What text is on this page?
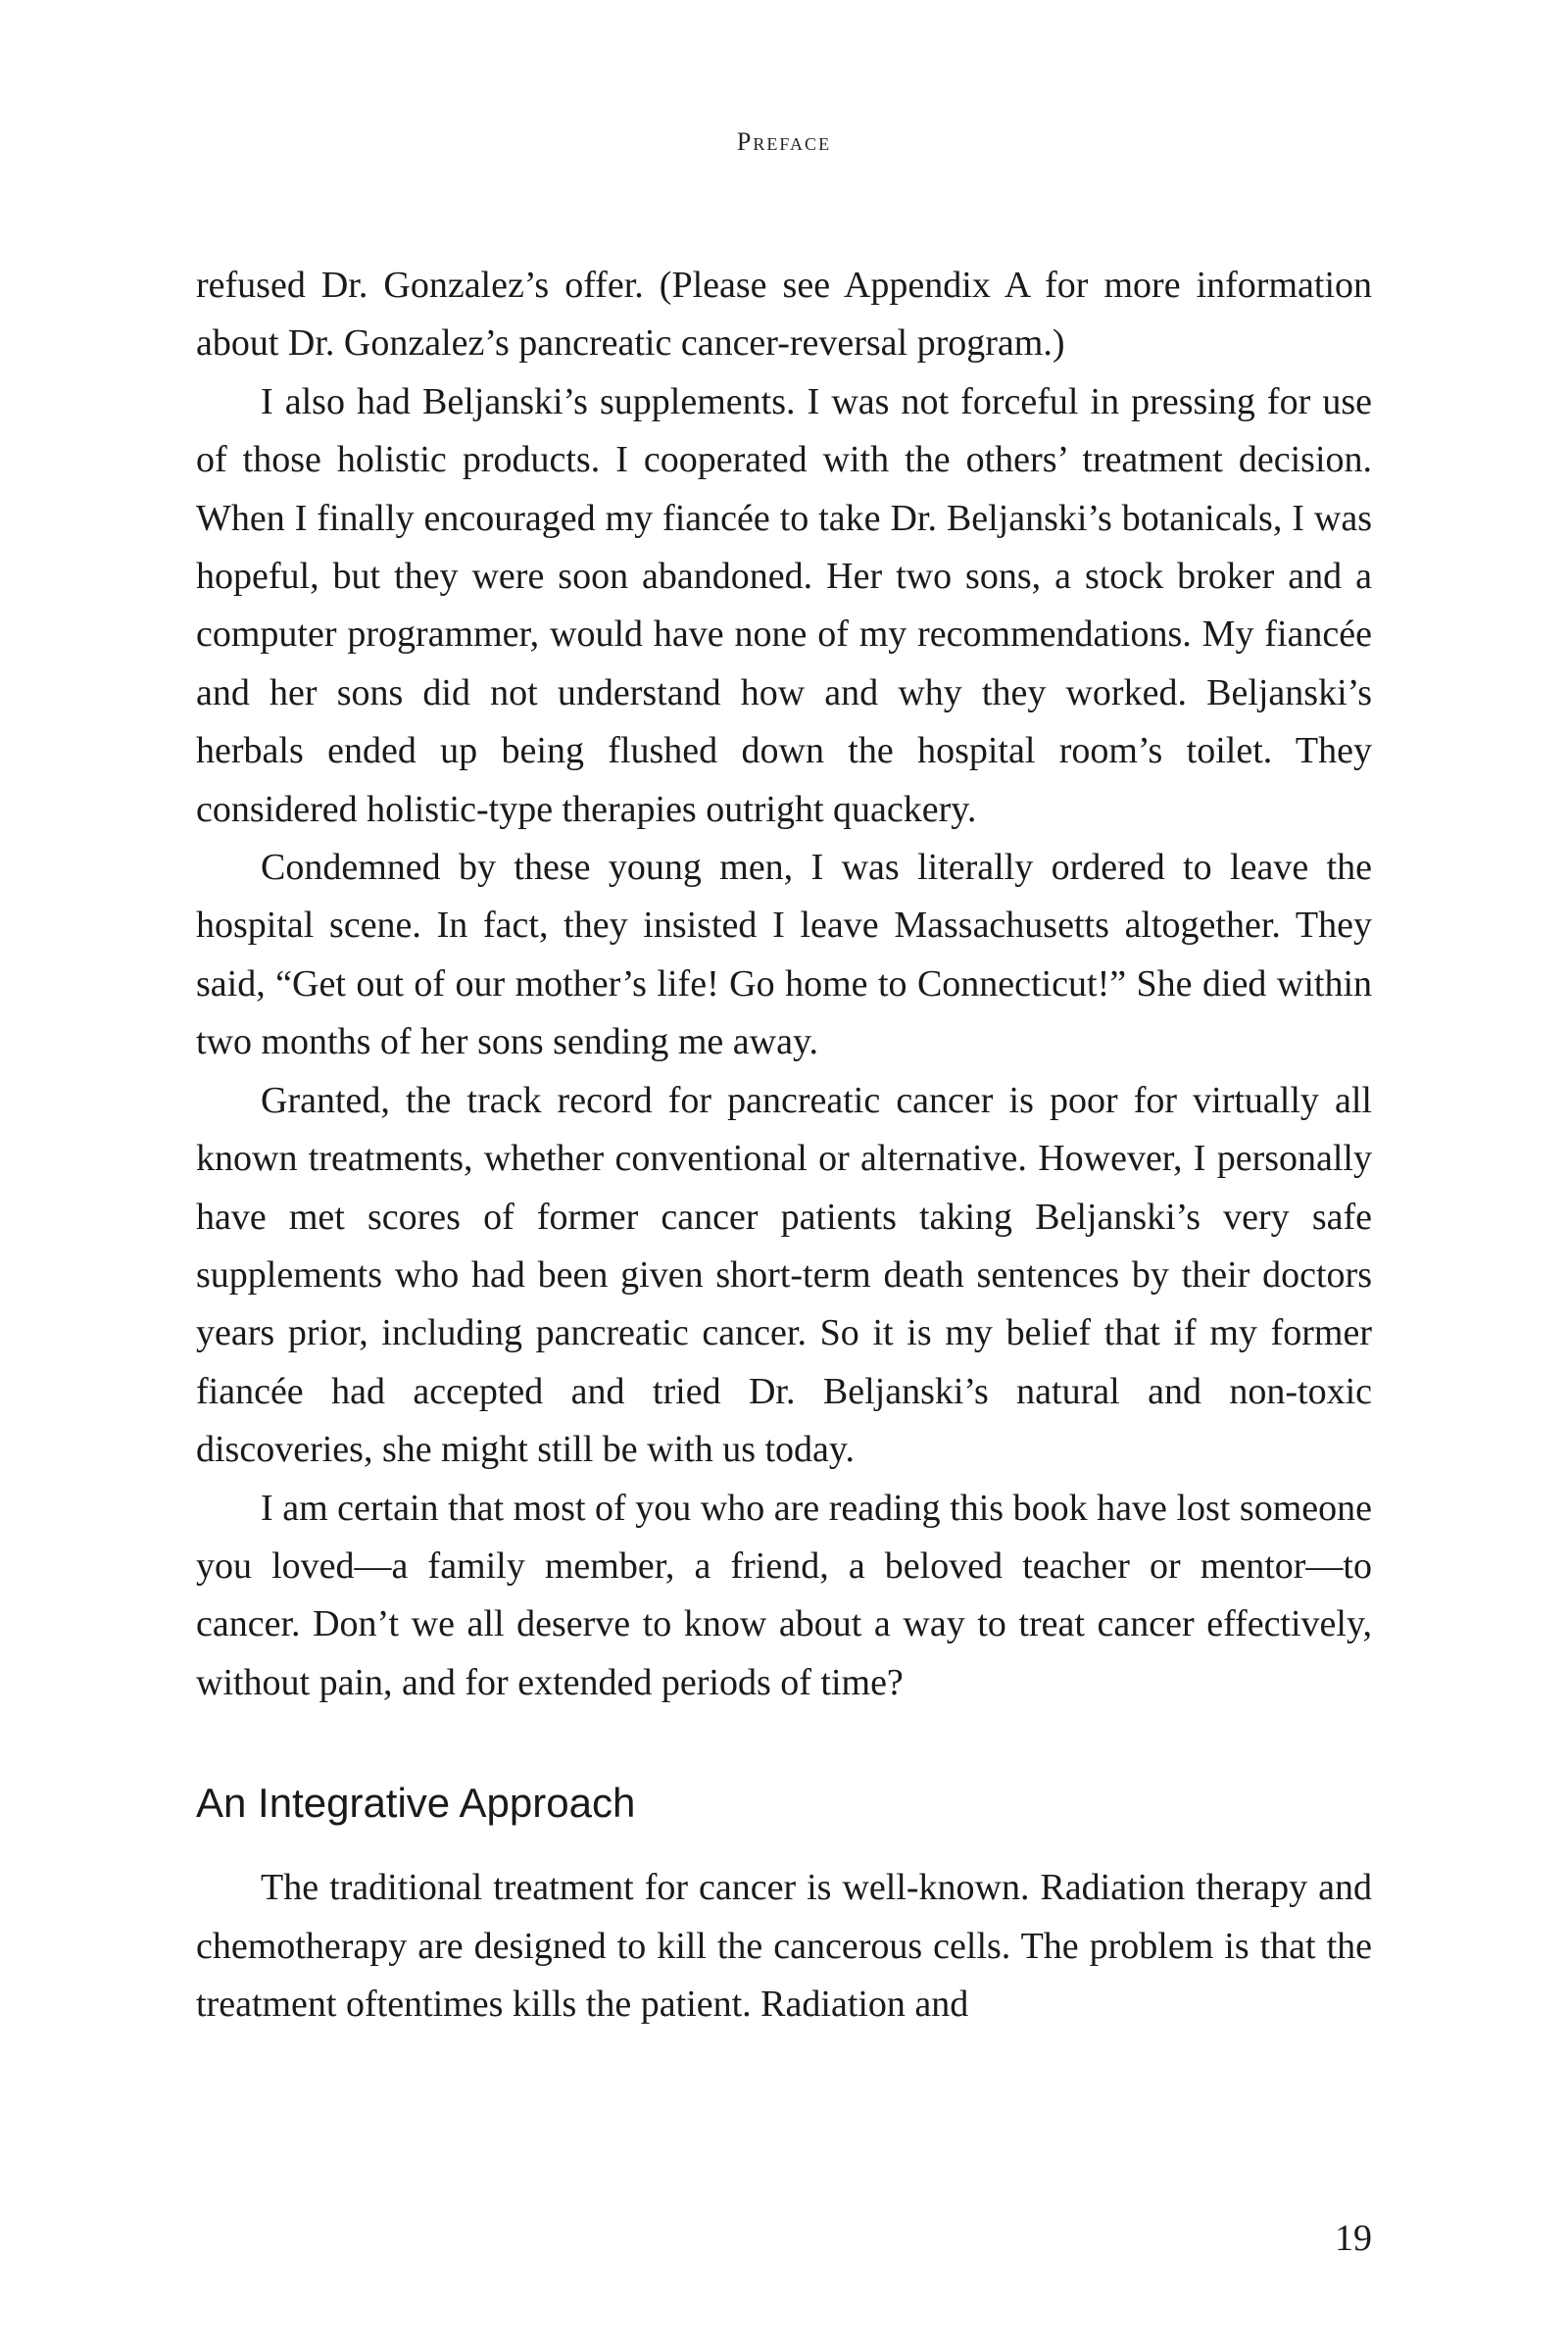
Preface

refused Dr. Gonzalez’s offer. (Please see Appendix A for more information about Dr. Gonzalez’s pancreatic cancer-reversal program.)

I also had Beljanski’s supplements. I was not forceful in pressing for use of those holistic products. I cooperated with the others’ treatment decision. When I finally encouraged my fiancée to take Dr. Beljanski’s botanicals, I was hopeful, but they were soon abandoned. Her two sons, a stock broker and a computer programmer, would have none of my recommendations. My fiancée and her sons did not understand how and why they worked. Beljanski’s herbals ended up being flushed down the hospital room’s toilet. They considered holistic-type therapies outright quackery.

Condemned by these young men, I was literally ordered to leave the hospital scene. In fact, they insisted I leave Massachusetts altogether. They said, “Get out of our mother’s life! Go home to Connecticut!” She died within two months of her sons sending me away.

Granted, the track record for pancreatic cancer is poor for virtually all known treatments, whether conventional or alternative. However, I personally have met scores of former cancer patients taking Beljanski’s very safe supplements who had been given short-term death sentences by their doctors years prior, including pancreatic cancer. So it is my belief that if my former fiancée had accepted and tried Dr. Beljanski’s natural and non-toxic discoveries, she might still be with us today.

I am certain that most of you who are reading this book have lost someone you loved—a family member, a friend, a beloved teacher or mentor—to cancer. Don’t we all deserve to know about a way to treat cancer effectively, without pain, and for extended periods of time?

An Integrative Approach

The traditional treatment for cancer is well-known. Radiation therapy and chemotherapy are designed to kill the cancerous cells. The problem is that the treatment oftentimes kills the patient. Radiation and

19
